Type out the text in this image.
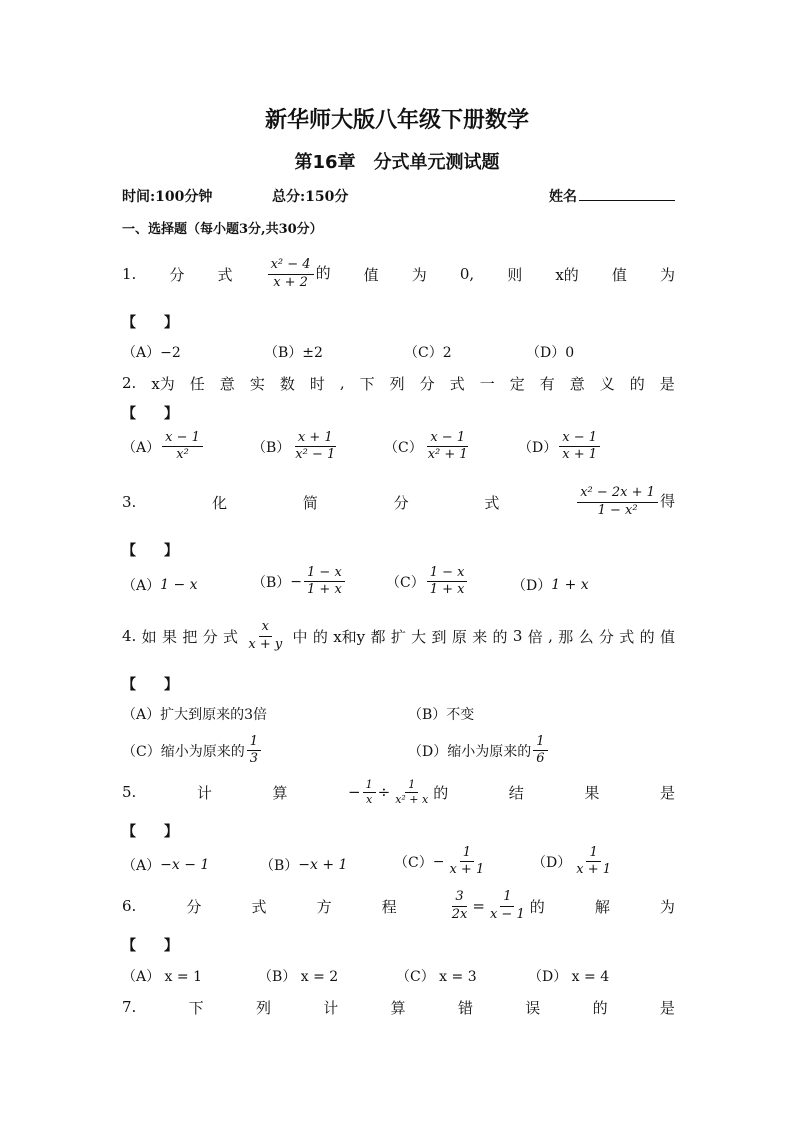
新华师大版八年级下册数学
第16章　分式单元测试题
时间:100分钟	总分:150分	姓名
一、选择题（每小题3分,共30分）
1. 分 式	$\frac{\text{x² − 4}}{x + 2}$ 的 值 为 0, 则 x的 值 为
【　　】
（A）−2	（B）±2	（C）2	（D）0
2. x为 任 意 实 数 时 , 下 列 分 式 一 定 有 意 义 的 是
【　　】
$(A) \frac{x - 1}{\text{x²}}$	$(B) \frac{x + 1}{\text{x² − 1}}$	$(C) \frac{x - 1}{\text{x² + 1}}$	$(D) \frac{x - 1}{x + 1}$
3.	化	简	分	式	$\frac{\text{x² − 2x + 1}}{\text{1 − x²}}$ 得
【　　】
（A） 1 − x	$(B) - \frac{1 - x}{1 + x}$	$(C) \frac{1 - x}{1 + x}$	（D） 1 + x
4. 如 果 把 分 式 $\frac{x}{x + y}$ 中 的 x和y 都 扩 大 到 原 来 的 3 倍 , 那 么 分 式 的 值
【　　】
（A）扩大到原来的3倍	（B）不变
（C）缩小为原来的 $\frac{1}{3}$	（D）缩小为原来的 $\frac{1}{6}$
5.	计	算	− $\frac{1}{x} \div \frac{1}{\text{x² + x}}$ 的	结	果	是
【　　】
（A） −x − 1	（B） −x + 1	$(C) - \frac{1}{x + 1}$	$(D) \frac{1}{x + 1}$
6.	分	式	方	程	$\frac{3}{2x} = \frac{1}{x - 1}$ 的	解	为
【　　】
（A） x = 1	（B） x = 2	（C） x = 3	（D） x = 4
7.	下	列	计	算	错	误	的	是
